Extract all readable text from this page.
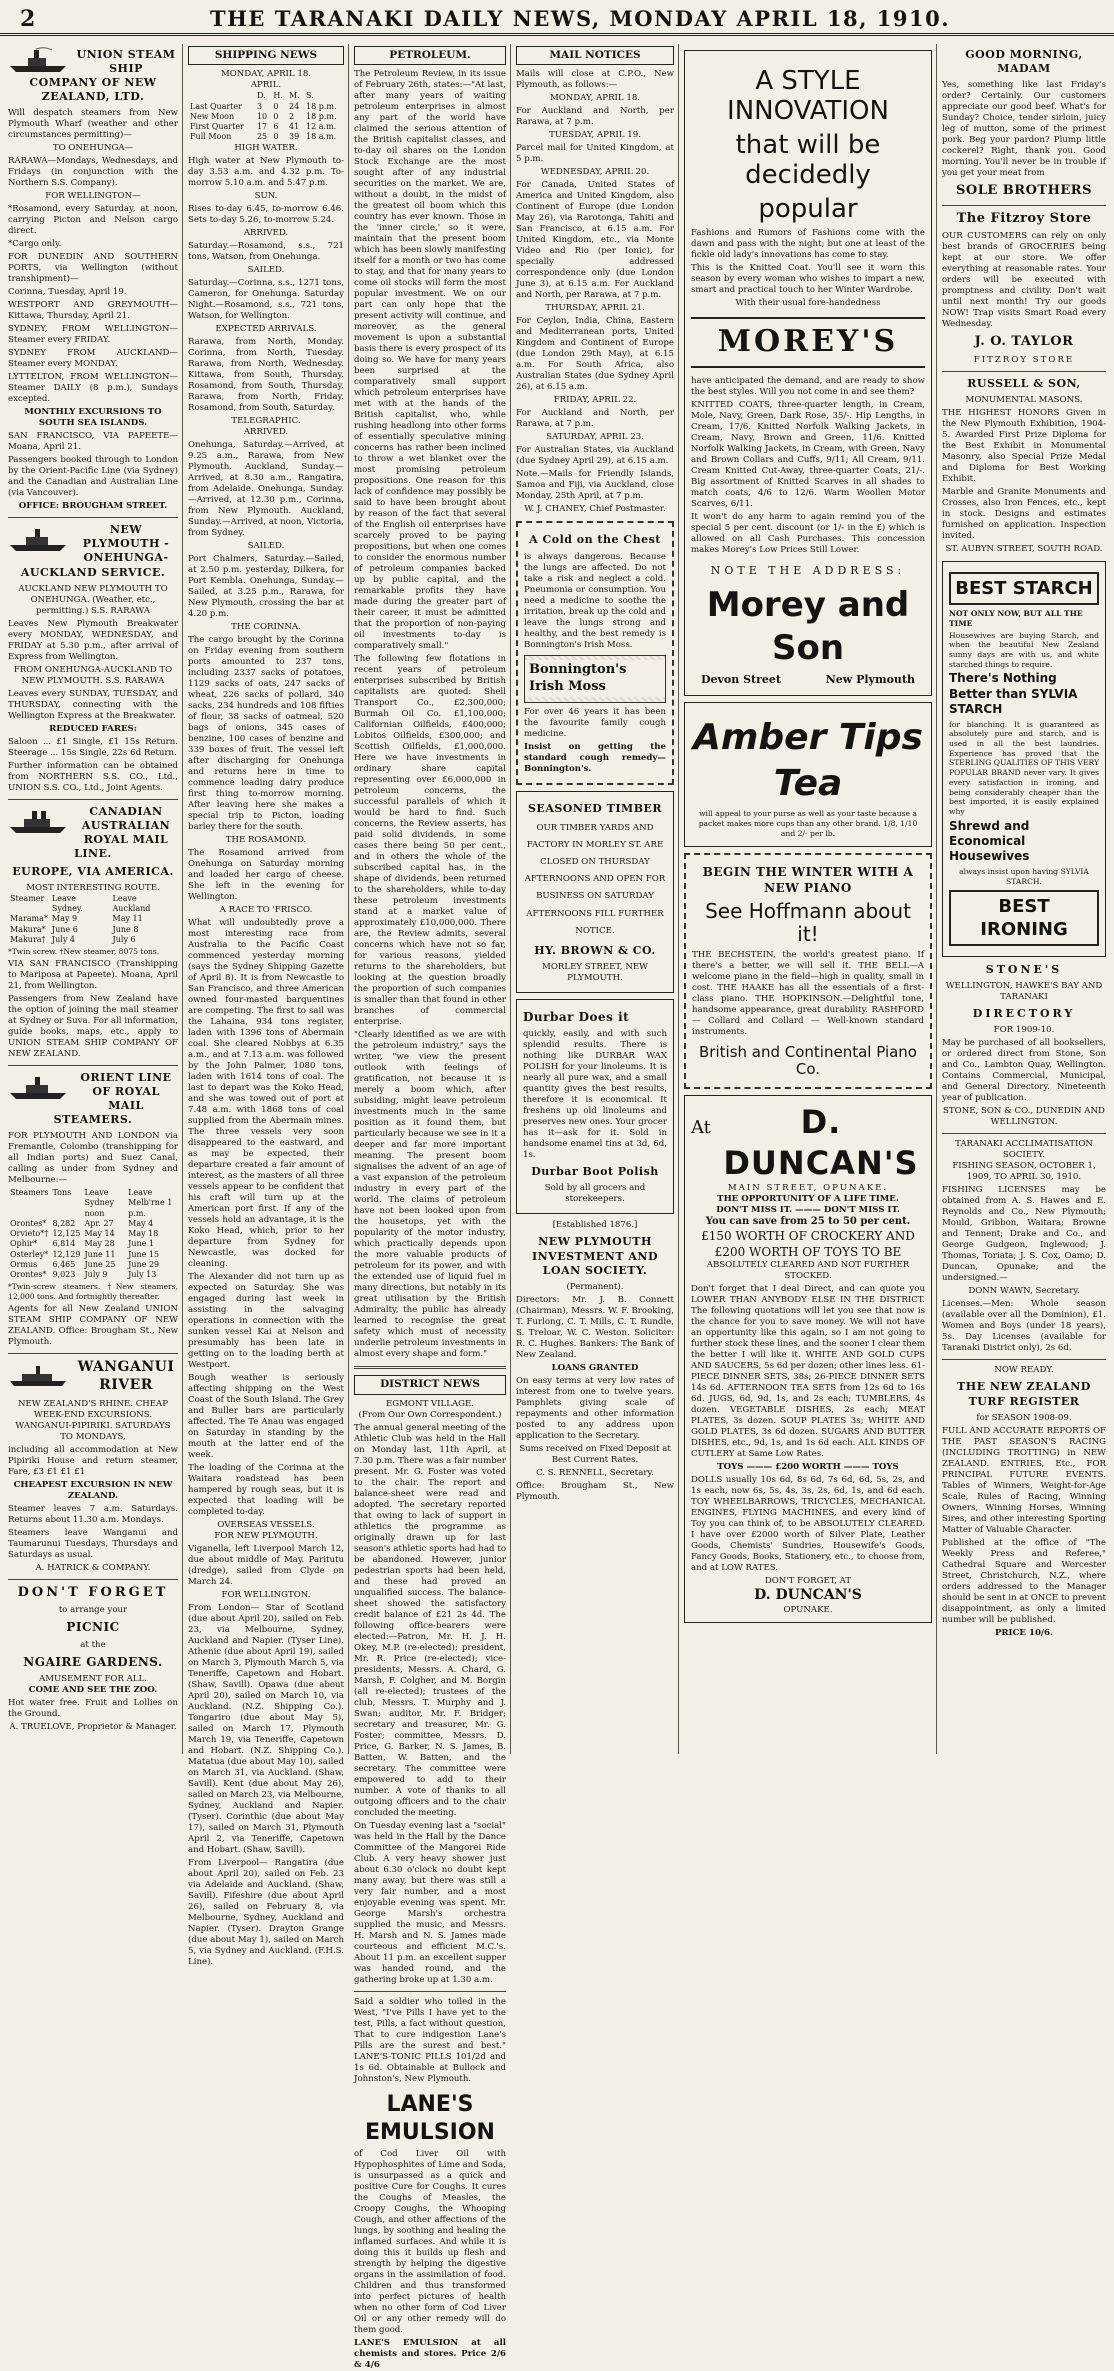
2	THE TARANAKI DAILY NEWS, MONDAY APRIL 18, 1910.
UNION STEAM SHIP COMPANY OF NEW ZEALAND, LTD.

Will despatch steamers from New Plymouth Wharf (weather and other circumstances permitting)—

TO ONEHUNGA—

RARAWA—Mondays, Wednesdays, and Fridays (in conjunction with the Northern S.S. Company).

FOR WELLINGTON—

*Rosamond, every Saturday, at noon, carrying Picton and Nelson cargo direct.

*Cargo only.

FOR DUNEDIN AND SOUTHERN PORTS, via Wellington (without transhipment)—

Corinna, Tuesday, April 19.

WESTPORT AND GREYMOUTH— Kittawa, Thursday, April 21.

SYDNEY, FROM WELLINGTON— Steamer every FRIDAY.

SYDNEY FROM AUCKLAND— Steamer every MONDAY.

LYTTELTON, FROM WELLINGTON— Steamer DAILY (8 p.m.), Sundays excepted.

MONTHLY EXCURSIONS TO SOUTH SEA ISLANDS.

SAN FRANCISCO, VIA PAPEETE— Moana, April 21.

Passengers booked through to London by the Orient-Pacific Line (via Sydney) and the Canadian and Australian Line (via Vancouver).

OFFICE: BROUGHAM STREET.

NEW PLYMOUTH - ONEHUNGA-AUCKLAND SERVICE.

AUCKLAND NEW PLYMOUTH TO ONEHUNGA. (Weather, etc., permitting.) S.S. RARAWA

Leaves New Plymouth Breakwater every MONDAY, WEDNESDAY, and FRIDAY at 5.30 p.m., after arrival of Express from Wellington.

FROM ONEHUNGA-AUCKLAND TO NEW PLYMOUTH. S.S. RARAWA

Leaves every SUNDAY, TUESDAY, and THURSDAY, connecting with the Wellington Express at the Breakwater.

REDUCED FARES:

Saloon ... £1 Single, £1 15s Return. Steerage ... 15s Single, 22s 6d Return.

Further information can be obtained from NORTHERN S.S. CO., Ltd., UNION S.S. CO., Ltd., Joint Agents.

CANADIAN AUSTRALIAN ROYAL MAIL LINE.
EUROPE, VIA AMERICA.
MOST INTERESTING ROUTE.
Steamer	Leave Sydney.	Leave Auckland
Marama*	May 9	May 11
Makura*	June 6	June 8
Makura†	July 4	July 6

*Twin screw. †New steamer, 8075 tons.

VIA SAN FRANCISCO (Transhipping to Mariposa at Papeete). Moana, April 21, from Wellington.

Passengers from New Zealand have the option of joining the mail steamer at Sydney or Suva. For all information, guide books, maps, etc., apply to UNION STEAM SHIP COMPANY OF NEW ZEALAND.

ORIENT LINE OF ROYAL MAIL STEAMERS.

FOR PLYMOUTH AND LONDON via Fremantle, Colombo (transhipping for all Indian ports) and Suez Canal, calling as under from Sydney and Melbourne:—

Steamers	Tons	Leave Sydney noon	Leave Melb'rne 1 p.m.
Orontes*	8,282	Apr. 27	May 4
Orvieto*†	12,125	May 14	May 18
Ophir*	6,814	May 28	June 1
Osterley*	12,129	June 11	June 15
Ormus	6,465	June 25	June 29
Orontes*	9,023	July 9	July 13

*Twin-screw steamers. †New steamers, 12,000 tons. And fortnightly thereafter.

Agents for all New Zealand UNION STEAM SHIP COMPANY OF NEW ZEALAND. Office: Brougham St., New Plymouth.

WANGANUI RIVER

NEW ZEALAND'S RHINE. CHEAP WEEK-END EXCURSIONS. WANGANUI-PIPIRIKI. SATURDAYS TO MONDAYS,

including all accommodation at New Pipiriki House and return steamer, Fare, £3 £1 £1 £1

CHEAPEST EXCURSION IN NEW ZEALAND.

Steamer leaves 7 a.m. Saturdays. Returns about 11.30 a.m. Mondays.

Steamers leave Wanganui and Taumarunui Tuesdays, Thursdays and Saturdays as usual.

A. HATRICK & COMPANY.

DON'T FORGET
to arrange your
PICNIC
at the
NGAIRE GARDENS.
AMUSEMENT FOR ALL.
COME AND SEE THE ZOO.

Hot water free. Fruit and Lollies on the Ground.

A. TRUELOVE, Proprietor & Manager.

SHIPPING NEWS
MONDAY, APRIL 18.
APRIL.
	D.	H.	M.	S.
Last Quarter	3	0	24	18 p.m.
New Moon	10	0	2	18 p.m.
First Quarter	17	6	41	12 a.m.
Full Moon	25	0	39	18 a.m.
HIGH WATER.

High water at New Plymouth to-day 3.53 a.m. and 4.32 p.m. To-morrow 5.10 a.m. and 5.47 p.m.

SUN.

Rises to-day 6.45, to-morrow 6.46. Sets to-day 5.26, to-morrow 5.24.

ARRIVED.

Saturday.—Rosamond, s.s., 721 tons, Watson, from Onehunga.

SAILED.

Saturday.—Corinna, s.s., 1271 tons, Cameron, for Onehunga. Saturday Night.—Rosamond, s.s., 721 tons, Watson, for Wellington.

EXPECTED ARRIVALS.

Rarawa, from North, Monday. Corinna, from North, Tuesday. Rarawa, from North, Wednesday. Kittawa, from South, Thursday. Rosamond, from South, Thursday. Rarawa, from North, Friday. Rosamond, from South, Saturday.

TELEGRAPHIC.
ARRIVED.

Onehunga, Saturday.—Arrived, at 9.25 a.m., Rarawa, from New Plymouth. Auckland, Sunday.—Arrived, at 8.30 a.m., Rangatira, from Adelaide. Onehunga, Sunday.—Arrived, at 12.30 p.m., Corinna, from New Plymouth. Auckland, Sunday.—Arrived, at noon, Victoria, from Sydney.

SAILED.

Port Chalmers, Saturday.—Sailed, at 2.50 p.m. yesterday, Dilkera, for Port Kembla. Onehunga, Sunday.—Sailed, at 3.25 p.m., Rarawa, for New Plymouth, crossing the bar at 4.20 p.m.

THE CORINNA.

The cargo brought by the Corinna on Friday evening from southern ports amounted to 237 tons, including 2337 sacks of potatoes, 1129 sacks of oats, 247 sacks of wheat, 226 sacks of pollard, 340 sacks, 234 hundreds and 108 fifties of flour, 38 sacks of oatmeal, 520 bags of onions, 345 cases of benzine, 100 cases of benzine and 339 boxes of fruit. The vessel left after discharging for Onehunga and returns here in time to commence loading dairy produce first thing to-morrow morning. After leaving here she makes a special trip to Picton, loading barley there for the south.

THE ROSAMOND.

The Rosamond arrived from Onehunga on Saturday morning and loaded her cargo of cheese. She left in the evening for Wellington.

A RACE TO 'FRISCO.

What will undoubtedly prove a most interesting race from Australia to the Pacific Coast commenced yesterday morning (says the Sydney Shipping Gazette of April 8). It is from Newcastle to San Francisco, and three American owned four-masted barquentines are competing. The first to sail was the Lahaina, 934 tons register, laden with 1396 tons of Abermain coal. She cleared Nobbys at 6.35 a.m., and at 7.13 a.m. was followed by the John Palmer, 1080 tons, laden with 1614 tons of coal. The last to depart was the Koko Head, and she was towed out of port at 7.48 a.m. with 1868 tons of coal supplied from the Abermain mines. The three vessels very soon disappeared to the eastward, and as may be expected, their departure created a fair amount of interest, as the masters of all three vessels appear to be confident that his craft will turn up at the American port first. If any of the vessels hold an advantage, it is the Koko Head, which, prior to her departure from Sydney for Newcastle, was docked for cleaning.

The Alexander did not turn up as expected on Saturday. She was engaged during last week in assisting in the salvaging operations in connection with the sunken vessel Kai at Nelson and presumably has been late in getting on to the loading berth at Westport.

Bough weather is seriously affecting shipping on the West Coast of the South Island. The Grey and Buller bars are particularly affected. The Te Anau was engaged on Saturday in standing by the mouth at the latter end of the week.

The loading of the Corinna at the Waitara roadstead has been hampered by rough seas, but it is expected that loading will be completed to-day.

OVERSEAS VESSELS.
FOR NEW PLYMOUTH.

Viganella, left Liverpool March 12, due about middle of May. Paritutu (dredge), sailed from Clyde on March 24.

FOR WELLINGTON.

From London— Star of Scotland (due about April 20), sailed on Feb. 23, via Melbourne, Sydney, Auckland and Napier. (Tyser Line). Athenic (due about April 19), sailed on March 3, Plymouth March 5, via Teneriffe, Capetown and Hobart. (Shaw, Savill). Opawa (due about April 20), sailed on March 10, via Auckland. (N.Z. Shipping Co.). Tongariro (due about May 5), sailed on March 17, Plymouth March 19, via Teneriffe, Capetown and Hobart. (N.Z. Shipping Co.). Matatua (due about May 10), sailed on March 31, via Auckland. (Shaw, Savill). Kent (due about May 26), sailed on March 23, via Melbourne, Sydney, Auckland and Napier. (Tyser). Corinthic (due about May 17), sailed on March 31, Plymouth April 2, via Teneriffe, Capetown and Hobart. (Shaw, Savill).

From Liverpool— Rangatira (due about April 20), sailed on Feb. 23 via Adelaide and Auckland. (Shaw, Savill). Fifeshire (due about April 26), sailed on February 8, via Melbourne, Sydney, Auckland and Napier. (Tyser). Drayton Grange (due about May 1), sailed on March 5, via Sydney and Auckland. (F.H.S. Line).

PETROLEUM.

The Petroleum Review, in its issue of February 26th, states:—"At last, after many years of waiting petroleum enterprises in almost any part of the world have claimed the serious attention of the British capitalist classes, and to-day oil shares on the London Stock Exchange are the most sought after of any industrial securities on the market. We are, without a doubt, in the midst of the greatest oil boom which this country has ever known. Those in the 'inner circle,' so it were, maintain that the present boom which has been slowly manifesting itself for a month or two has come to stay, and that for many years to come oil stocks will form the most popular investment. We on our part can only hope that the present activity will continue, and moreover, as the general movement is upon a substantial basis there is every prospect of its doing so. We have for many years been surprised at the comparatively small support which petroleum enterprises have met with at the hands of the British capitalist, who, while rushing headlong into other forms of essentially speculative mining concerns has rather been inclined to throw a wet blanket over the most promising petroleum propositions. One reason for this lack of confidence may possibly be said to have been brought about by reason of the fact that several of the English oil enterprises have scarcely proved to be paying propositions, but when one comes to consider the enormous number of petroleum companies backed up by public capital, and the remarkable profits they have made during the greater part of their career, it must be admitted that the proportion of non-paying oil investments to-day is comparatively small."

The following few flotations in recent years of petroleum enterprises subscribed by British capitalists are quoted: Shell Transport Co., £2,300,000; Burmah Oil Co. £1,100,000; Californian Oilfields, £400,000; Lobitos Oilfields, £300,000; and Scottish Oilfields, £1,000,000. Here we have investments in ordinary share capital representing over £6,000,000 in petroleum concerns, the successful parallels of which it would be hard to find. Such concerns, the Review asserts, has paid solid dividends, in some cases there being 50 per cent., and in others the whole of the subscribed capital has, in the shape of dividends, been returned to the shareholders, while to-day these petroleum investments stand at a market value of approximately £10,000,000. There are, the Review admits, several concerns which have not so far, for various reasons, yielded returns to the shareholders, but looking at the question broadly the proportion of such companies is smaller than that found in other branches of commercial enterprise.

"Clearly identified as we are with the petroleum industry," says the writer, "we view the present outlook with feelings of gratification, not because it is merely a boom which, after subsiding, might leave petroleum investments much in the same position as it found them, but particularly because we see in it a deeper and far more important meaning. The present boom signalises the advent of an age of a vast expansion of the petroleum industry in every part of the world. The claims of petroleum have not been looked upon from the housetops, yet with the popularity of the motor industry, which practically depends upon the more valuable products of petroleum for its power, and with the extended use of liquid fuel in many directions, but notably in its great utilisation by the British Admiralty, the public has already learned to recognise the great safety which must of necessity underlie petroleum investments in almost every shape and form."

DISTRICT NEWS
EGMONT VILLAGE.
(From Our Own Correspondent.)

The annual general meeting of the Athletic Club was held in the Hall on Monday last, 11th April, at 7.30 p.m. There was a fair number present. Mr. G. Foster was voted to the chair. The report and balance-sheet were read and adopted. The secretary reported that owing to lack of support in athletics the programme as originally drawn up for last season's athletic sports had had to be abandoned. However, junior pedestrian sports had been held, and these had proved an unqualified success. The balance-sheet showed the satisfactory credit balance of £21 2s 4d. The following office-bearers were elected:—Patron, Mr. H. J. H. Okey, M.P. (re-elected); president, Mr. R. Price (re-elected); vice-presidents, Messrs. A. Chard, G. Marsh, F. Colgher, and M. Borgin (all re-elected); trustees of the club, Messrs. T. Murphy and J. Swan; auditor, Mr. F. Bridger; secretary and treasurer, Mr. G. Foster; committee, Messrs. D. Price, G. Barker, N. S. James, B. Batten, W. Batten, and the secretary. The committee were empowered to add to their number. A vote of thanks to all outgoing officers and to the chair concluded the meeting.

On Tuesday evening last a "social" was held in the Hall by the Dance Committee of the Mangorei Ride Club. A very heavy shower just about 6.30 o'clock no doubt kept many away, but there was still a very fair number, and a most enjoyable evening was spent. Mr. George Marsh's orchestra supplied the music, and Messrs. H. Marsh and N. S. James made courteous and efficient M.C.'s. About 11 p.m. an excellent supper was handed round, and the gathering broke up at 1.30 a.m.

Said a soldier who toiled in the West, "I've Pills I have yet to the test, Pills, a fact without question, That to cure indigestion Lane's Pills are the surest and best." LANE'S-TONIC PILLS 101/2d and 1s 6d. Obtainable at Bullock and Johnston's, New Plymouth.

LANE'S EMULSION

of Cod Liver Oil with Hypophosphites of Lime and Soda, is unsurpassed as a quick and positive Cure for Coughs. It cures the Coughs of Measles, the Croopy Coughs, the Whooping Cough, and other affections of the lungs, by soothing and healing the inflamed surfaces. And while it is doing this it builds up flesh and strength by helping the digestive organs in the assimilation of food. Children and thus transformed into perfect pictures of health when no other form of Cod Liver Oil or any other remedy will do them good.

LANE'S EMULSION at all chemists and stores. Price 2/6 & 4/6

MAIL NOTICES

Mails will close at C.P.O., New Plymouth, as follows:—

MONDAY, APRIL 18.

For Auckland and North, per Rarawa, at 7 p.m.

TUESDAY, APRIL 19.

Parcel mail for United Kingdom, at 5 p.m.

WEDNESDAY, APRIL 20.

For Canada, United States of America and United Kingdom, also Continent of Europe (due London May 26), via Rarotonga, Tahiti and San Francisco, at 6.15 a.m. For United Kingdom, etc., via Monte Video and Rio (per Ionic), for specially addressed correspondence only (due London June 3), at 6.15 a.m. For Auckland and North, per Rarawa, at 7 p.m.

THURSDAY, APRIL 21.

For Ceylon, India, China, Eastern and Mediterranean ports, United Kingdom and Continent of Europe (due London 29th May), at 6.15 a.m. For South Africa, also Australian States (due Sydney April 26), at 6.15 a.m.

FRIDAY, APRIL 22.

For Auckland and North, per Rarawa, at 7 p.m.

SATURDAY, APRIL 23.

For Australian States, via Auckland (due Sydney April 29), at 6.15 a.m.

Note.—Mails for Friendly Islands, Samoa and Fiji, via Auckland, close Monday, 25th April, at 7 p.m.

W. J. CHANEY, Chief Postmaster.

A Cold on the Chest

is always dangerous. Because the lungs are affected. Do not take a risk and neglect a cold. Pneumonia or consumption. You need a medicine to soothe the irritation, break up the cold and leave the lungs strong and healthy, and the best remedy is Bonnington's Irish Moss.

Bonnington's Irish Moss

For over 46 years it has been the favourite family cough medicine.

Insist on getting the standard cough remedy—Bonnington's.

SEASONED TIMBER

OUR TIMBER YARDS AND FACTORY IN MORLEY ST. ARE CLOSED ON THURSDAY AFTERNOONS AND OPEN FOR BUSINESS ON SATURDAY AFTERNOONS FILL FURTHER NOTICE.

HY. BROWN & CO.

MORLEY STREET, NEW PLYMOUTH.

Durbar Does it

quickly, easily, and with such splendid results. There is nothing like DURBAR WAX POLISH for your linoleums. It is nearly all pure wax, and a small quantity gives the best results, therefore it is economical. It freshens up old linoleums and preserves new ones. Your grocer has it—ask for it. Sold in handsome enamel tins at 3d, 6d, 1s.

Durbar Boot Polish

Sold by all grocers and storekeepers.

[Established 1876.]
NEW PLYMOUTH INVESTMENT AND LOAN SOCIETY.
(Permanent).

Directors: Mr. J. B. Connett (Chairman), Messrs. W. F. Brooking, T. Furlong, C. T. Mills, C. T. Rundle, S. Treloar, W. C. Weston. Solicitor: R. C. Hughes. Bankers: The Bank of New Zealand.

LOANS GRANTED

On easy terms at very low rates of interest from one to twelve years. Pamphlets giving scale of repayments and other information posted to any address upon application to the Secretary.

Sums received on Fixed Deposit at Best Current Rates.

C. S. RENNELL, Secretary.

Office: Brougham St., New Plymouth.

A STYLE INNOVATION
that will be decidedly
popular

Fashions and Rumors of Fashions come with the dawn and pass with the night; but one at least of the fickle old lady's innovations has come to stay.

This is the Knitted Coat. You'll see it worn this season by every woman who wishes to impart a new, smart and practical touch to her Winter Wardrobe.

With their usual fore-handedness

MOREY'S

have anticipated the demand, and are ready to show the best styles. Will you not come in and see them?

KNITTED COATS, three-quarter length, in Cream, Mole, Navy, Green, Dark Rose, 35/-. Hip Lengths, in Cream, 17/6. Knitted Norfolk Walking Jackets, in Cream, Navy, Brown and Green, 11/6. Knitted Norfolk Walking Jackets, in Cream, with Green, Navy and Brown Collars and Cuffs, 9/11; All Cream, 9/11. Cream Knitted Cut-Away, three-quarter Coats, 21/-. Big assortment of Knitted Scarves in all shades to match coats, 4/6 to 12/6. Warm Woollen Motor Scarves, 6/11.

It won't do any harm to again remind you of the special 5 per cent. discount (or 1/- in the £) which is allowed on all Cash Purchases. This concession makes Morey's Low Prices Still Lower.

NOTE THE ADDRESS:
Morey and Son
Devon Street	New Plymouth
Amber Tips Tea

will appeal to your purse as well as your taste because a packet makes more cups than any other brand. 1/8, 1/10 and 2/- per lb.

BEGIN THE WINTER WITH A NEW PIANO
See Hoffmann about it!

THE BECHSTEIN, the world's greatest piano. If there's a better, we will sell it. THE BELL—A welcome piano in the field—high in quality, small in cost. THE HAAKE has all the essentials of a first-class piano. THE HOPKINSON.—Delightful tone, handsome appearance, great durability. RASHFORD — Collard and Collard — Well-known standard instruments.

British and Continental Piano Co.
At	D. DUNCAN'S
MAIN STREET, OPUNAKE.
THE OPPORTUNITY OF A LIFE TIME.
DON'T MISS IT. ——— DON'T MISS IT.
You can save from 25 to 50 per cent.
£150 WORTH OF CROCKERY AND £200 WORTH OF TOYS TO BE
ABSOLUTELY CLEARED AND NOT FURTHER STOCKED.

Don't forget that I deal Direct, and can quote you LOWER THAN ANYBODY ELSE IN THE DISTRICT. The following quotations will let you see that now is the chance for you to save money. We will not have an opportunity like this again, so I am not going to further stock these lines, and the sooner I clear them the better I will like it. WHITE AND GOLD CUPS AND SAUCERS, 5s 6d per dozen; other lines less. 61-PIECE DINNER SETS, 38s; 26-PIECE DINNER SETS 14s 6d. AFTERNOON TEA SETS from 12s 6d to 16s 6d. JUGS, 6d, 9d, 1s, and 2s each; TUMBLERS, 4s dozen. VEGETABLE DISHES, 2s each; MEAT PLATES, 3s dozen. SOUP PLATES 3s; WHITE AND GOLD PLATES, 3s 6d dozen. SUGARS AND BUTTER DISHES, etc., 9d, 1s, and 1s 6d each. ALL KINDS OF CUTLERY at Same Low Rates.

TOYS ——— £200 WORTH ——— TOYS

DOLLS usually 10s 6d, 8s 6d, 7s 6d, 6d, 5s, 2s, and 1s each, now 6s, 5s, 4s, 3s, 2s, 6d, 1s, and 6d each. TOY WHEELBARROWS, TRICYCLES, MECHANICAL ENGINES, FLYING MACHINES, and every kind of Toy you can think of, to be ABSOLUTELY CLEARED. I have over £2000 worth of Silver Plate, Leather Goods, Chemists' Sundries, Housewife's Goods, Fancy Goods, Books, Stationery, etc., to choose from, and at LOW RATES.

DON'T FORGET, AT
D. DUNCAN'S
OPUNAKE.
GOOD MORNING, MADAM

Yes, something like last Friday's order? Certainly. Our customers appreciate our good beef. What's for Sunday? Choice, tender sirloin, juicy leg of mutton, some of the primest pork. Beg your pardon? Plump little cockerel? Right, thank you. Good morning. You'll never be in trouble if you get your meat from

SOLE BROTHERS
The Fitzroy Store

OUR CUSTOMERS can rely on only best brands of GROCERIES being kept at our store. We offer everything at reasonable rates. Your orders will be executed with promptness and civility. Don't wait until next month! Try our goods NOW! Trap visits Smart Road every Wednesday.

J. O. TAYLOR
FITZROY STORE
RUSSELL & SON,
MONUMENTAL MASONS.

THE HIGHEST HONORS Given in the New Plymouth Exhibition, 1904-5. Awarded First Prize Diploma for the Best Exhibit in Monumental Masonry, also Special Prize Medal and Diploma for Best Working Exhibit.

Marble and Granite Monuments and Crosses, also Iron Fences, etc., kept in stock. Designs and estimates furnished on application. Inspection invited.

ST. AUBYN STREET, SOUTH ROAD.
BEST STARCH
NOT ONLY NOW, BUT ALL THE TIME

Housewives are buying Starch, and when the beautiful New Zealand sunny days are with us, and white starched things to require.

There's Nothing Better than SYLVIA STARCH

for blanching. It is guaranteed as absolutely pure and starch, and is used in all the best laundries. Experience has proved that the STERLING QUALITIES OF THIS VERY POPULAR BRAND never vary. It gives every satisfaction in ironing, and being considerably cheaper than the best imported, it is easily explained why

Shrewd and Economical Housewives

always insist upon having SYLVIA STARCH.

BEST IRONING
STONE'S
WELLINGTON, HAWKE'S BAY AND TARANAKI
DIRECTORY
FOR 1909-10.

May be purchased of all booksellers, or ordered direct from Stone, Son and Co., Lambton Quay, Wellington. Contains Commercial, Municipal, and General Directory. Nineteenth year of publication.

STONE, SON & CO., DUNEDIN AND WELLINGTON.
TARANAKI ACCLIMATISATION SOCIETY.
FISHING SEASON, OCTOBER 1, 1909, TO APRIL 30, 1910.

FISHING LICENSES may be obtained from A. S. Hawes and E. Reynolds and Co., New Plymouth; Mould, Gribbon, Waitara; Browne and Tennent; Drake and Co., and George Gudgeon, Inglewood; J. Thomas, Toriata; J. S. Cox, Oamo; D. Duncan, Opunake; and the undersigned.—

DONN WAWN, Secretary.

Licenses.—Men: Whole season (available over all the Dominion), £1. Women and Boys (under 18 years), 5s. Day Licenses (available for Taranaki District only), 2s 6d.

NOW READY.
THE NEW ZEALAND TURF REGISTER
for SEASON 1908-09.

FULL AND ACCURATE REPORTS OF THE PAST SEASON'S RACING (INCLUDING TROTTING) in NEW ZEALAND. ENTRIES, Etc., FOR PRINCIPAL FUTURE EVENTS. Tables of Winners, Weight-for-Age Scale, Rules of Racing, Winning Owners, Winning Horses, Winning Sires, and other interesting Sporting Matter of Valuable Character.

Published at the office of "The Weekly Press and Referee," Cathedral Square and Worcester Street, Christchurch, N.Z., where orders addressed to the Manager should be sent in at ONCE to prevent disappointment, as only a limited number will be published.

PRICE 10/6.
